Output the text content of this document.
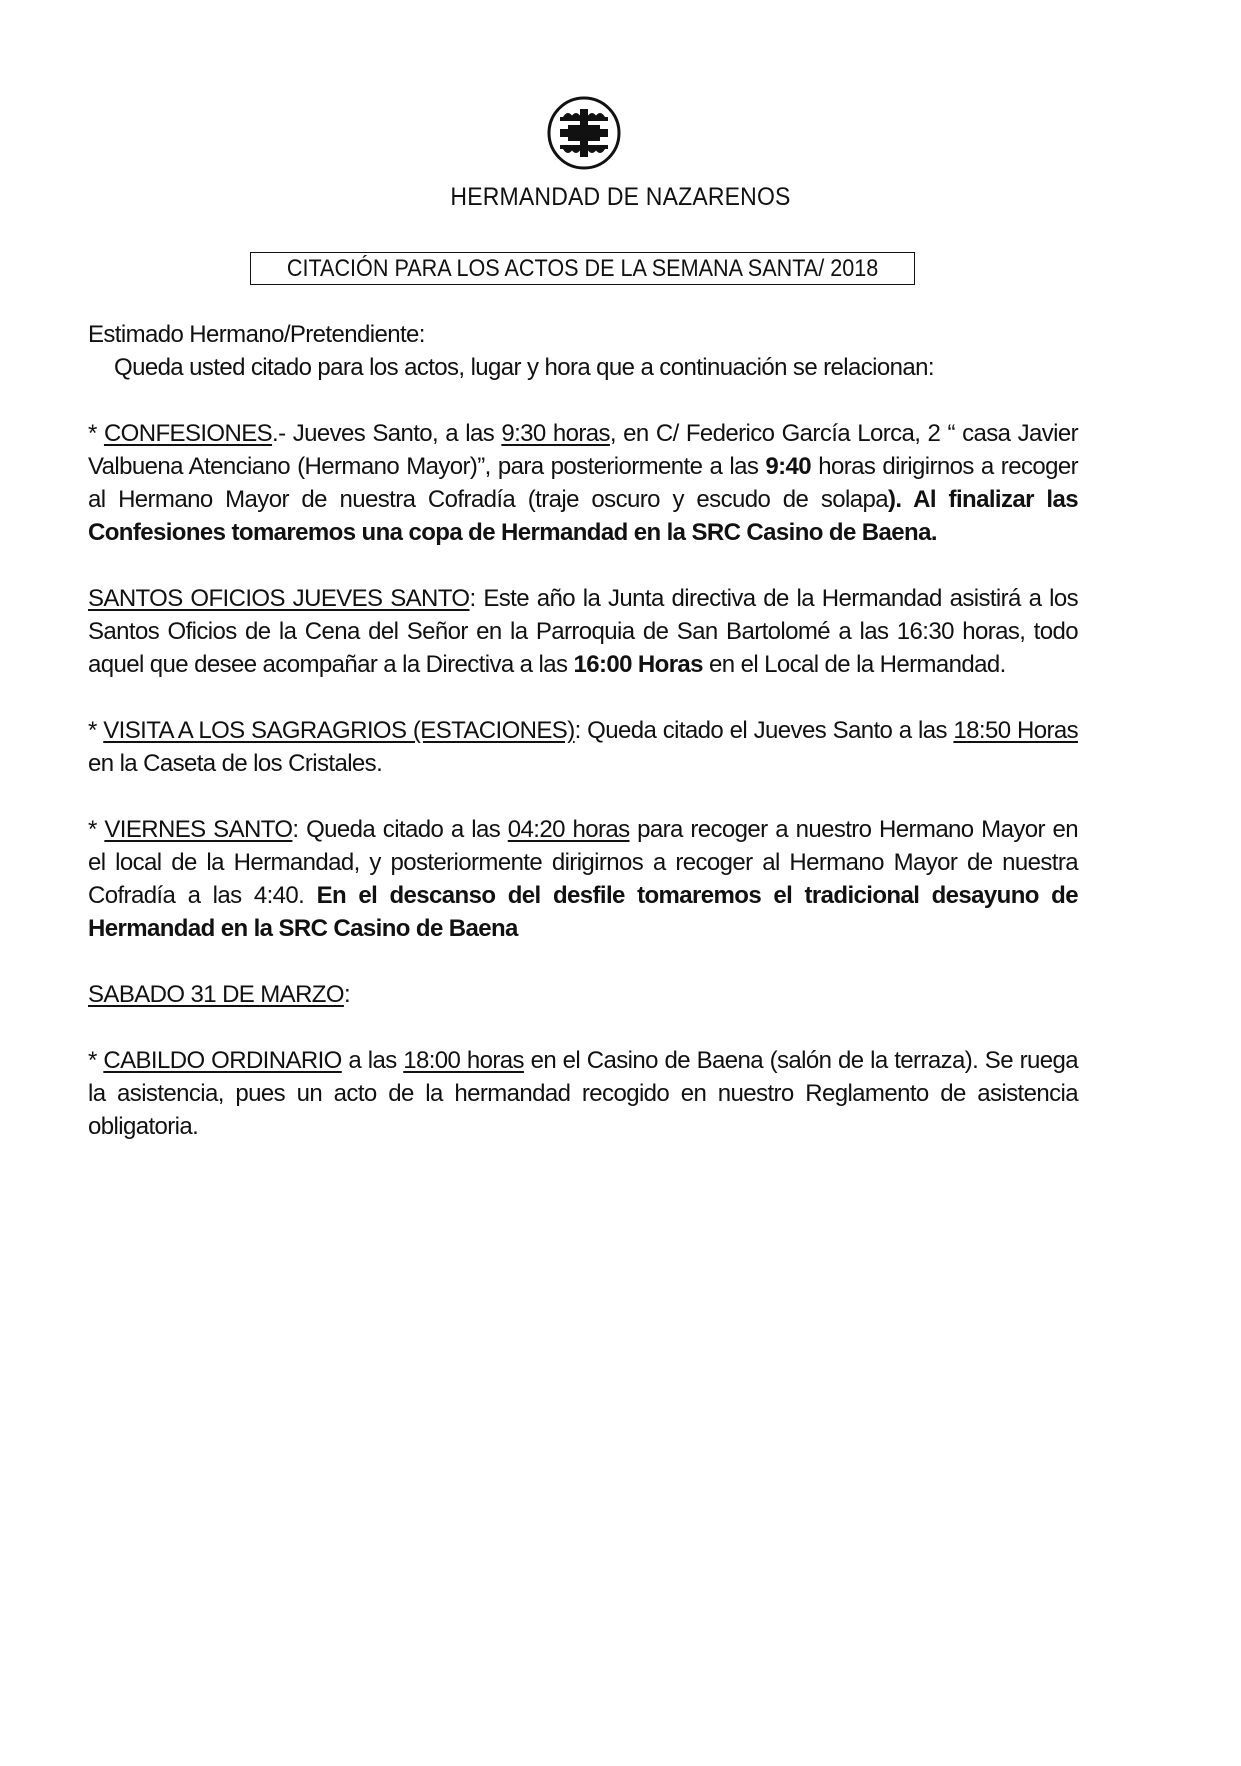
HERMANDAD DE NAZARENOS
CITACIÓN PARA LOS ACTOS DE LA SEMANA SANTA/ 2018

Estimado Hermano/Pretendiente:

Queda usted citado para los actos, lugar y hora que a continuación se relacionan:

* CONFESIONES.- Jueves Santo, a las 9:30 horas, en C/ Federico García Lorca, 2 “ casa Javier Valbuena Atenciano (Hermano Mayor)”, para posteriormente a las 9:40 horas dirigirnos a recoger al Hermano Mayor de nuestra Cofradía (traje oscuro y escudo de solapa). Al finalizar las Confesiones tomaremos una copa de Hermandad en la SRC Casino de Baena.

SANTOS OFICIOS JUEVES SANTO: Este año la Junta directiva de la Hermandad asistirá a los Santos Oficios de la Cena del Señor en la Parroquia de San Bartolomé a las 16:30 horas, todo aquel que desee acompañar a la Directiva a las 16:00 Horas en el Local de la Hermandad.

* VISITA A LOS SAGRAGRIOS (ESTACIONES): Queda citado el Jueves Santo a las 18:50 Horas en la Caseta de los Cristales.

* VIERNES SANTO: Queda citado a las 04:20 horas para recoger a nuestro Hermano Mayor en el local de la Hermandad, y posteriormente dirigirnos a recoger al Hermano Mayor de nuestra Cofradía a las 4:40. En el descanso del desfile tomaremos el tradicional desayuno de Hermandad en la SRC Casino de Baena

SABADO 31 DE MARZO:

* CABILDO ORDINARIO a las 18:00 horas en el Casino de Baena (salón de la terraza). Se ruega la asistencia, pues un acto de la hermandad recogido en nuestro Reglamento de asistencia obligatoria.
